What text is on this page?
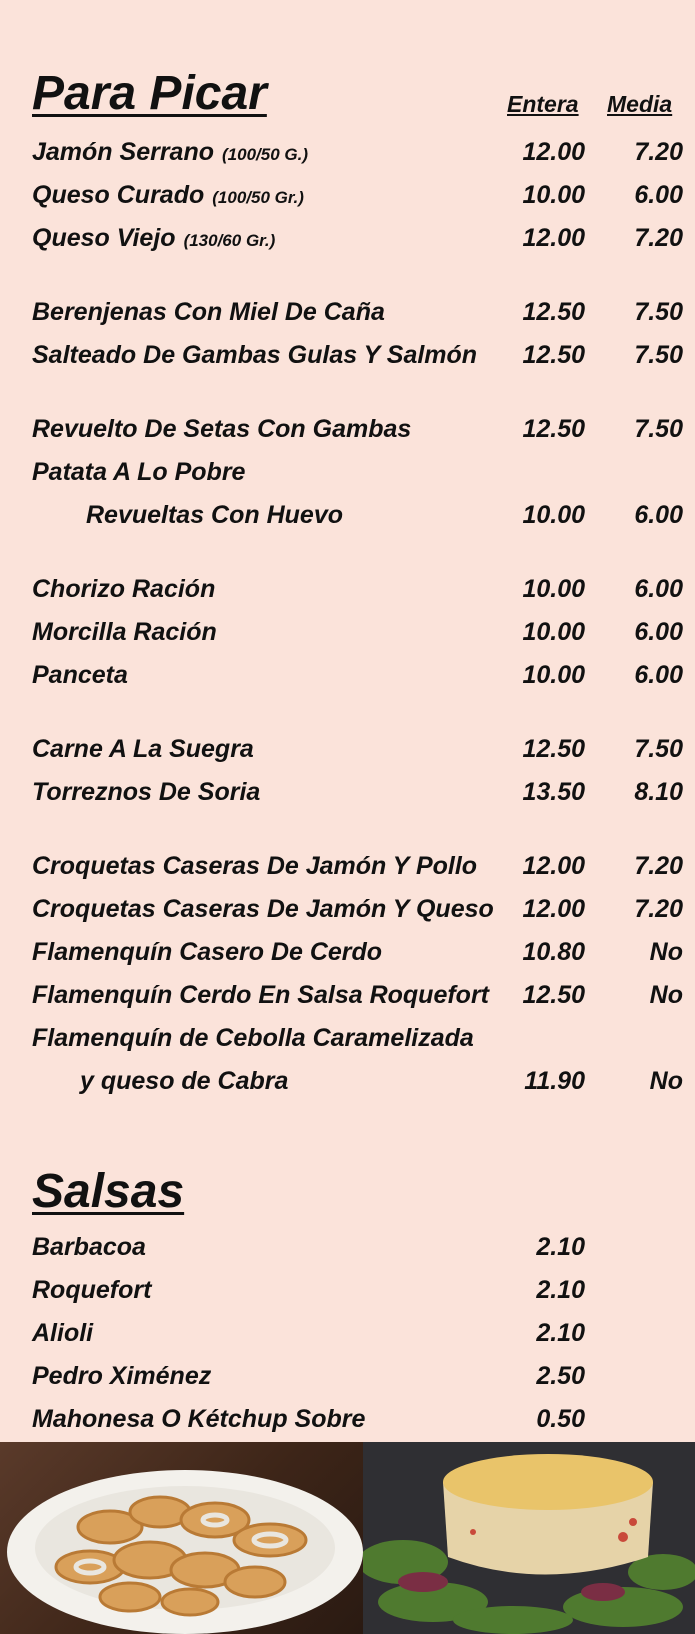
Para Picar	Entera Media
Jamón Serrano (100/50 G.)	12.00 7.20
Queso Curado (100/50 Gr.)	10.00 6.00
Queso Viejo (130/60 Gr.)	12.00 7.20
Berenjenas Con Miel De Caña	12.50 7.50
Salteado De Gambas Gulas Y Salmón 12.50 7.50
Revuelto De Setas Con Gambas	12.50 7.50
Patata A Lo Pobre
Revueltas Con Huevo	10.00 6.00
Chorizo Ración	10.00 6.00
Morcilla Ración	10.00 6.00
Panceta	10.00 6.00
Carne A La Suegra	12.50 7.50
Torreznos De Soria	13.50 8.10
Croquetas Caseras De Jamón Y Pollo 12.00 7.20
Croquetas Caseras De Jamón Y Queso 12.00 7.20
Flamenquín Casero De Cerdo	10.80	No
Flamenquín Cerdo En Salsa Roquefort 12.50	No
Flamenquín de Cebolla Caramelizada
y queso de Cabra	11.90	No
Salsas
Barbacoa	2.10
Roquefort	2.10
Alioli	2.10
Pedro Ximénez	2.50
Mahonesa O Kétchup Sobre	0.50
